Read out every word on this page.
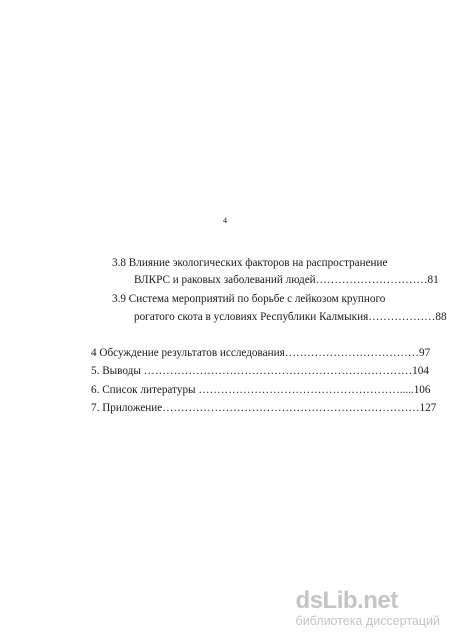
4
3.8 Влияние экологических факторов на распространение
ВЛКРС и раковых заболеваний людей…………………………81
3.9 Система мероприятий по борьбе с лейкозом крупного
рогатого скота в условиях Республики Калмыкия………………88
4 Обсуждение результатов исследования………………………………97
5. Выводы ………………………………………………………………104
6. Список литературы ……………………………………………….....106
7. Приложение……………………………………………………………127
dsLib.net
библиотека диссертаций
